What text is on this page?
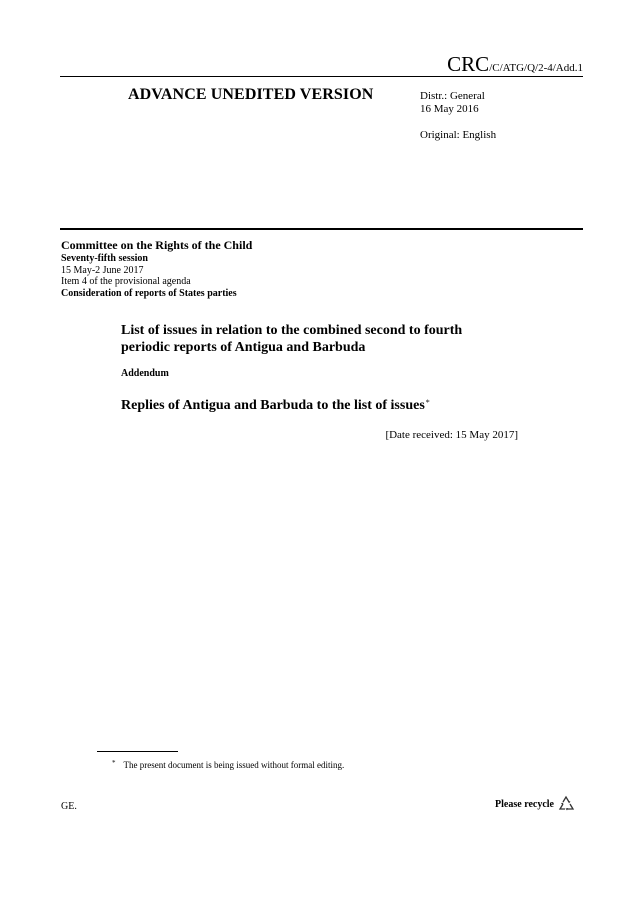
CRC/C/ATG/Q/2-4/Add.1
ADVANCE UNEDITED VERSION	Distr.: General
16 May 2016
Original: English
Committee on the Rights of the Child
Seventy-fifth session
15 May-2 June 2017
Item 4 of the provisional agenda
Consideration of reports of States parties
List of issues in relation to the combined second to fourth
periodic reports of Antigua and Barbuda
Addendum
Replies of Antigua and Barbuda to the list of issues*
[Date received: 15 May 2017]
* The present document is being issued without formal editing.
GE.	Please recycle
